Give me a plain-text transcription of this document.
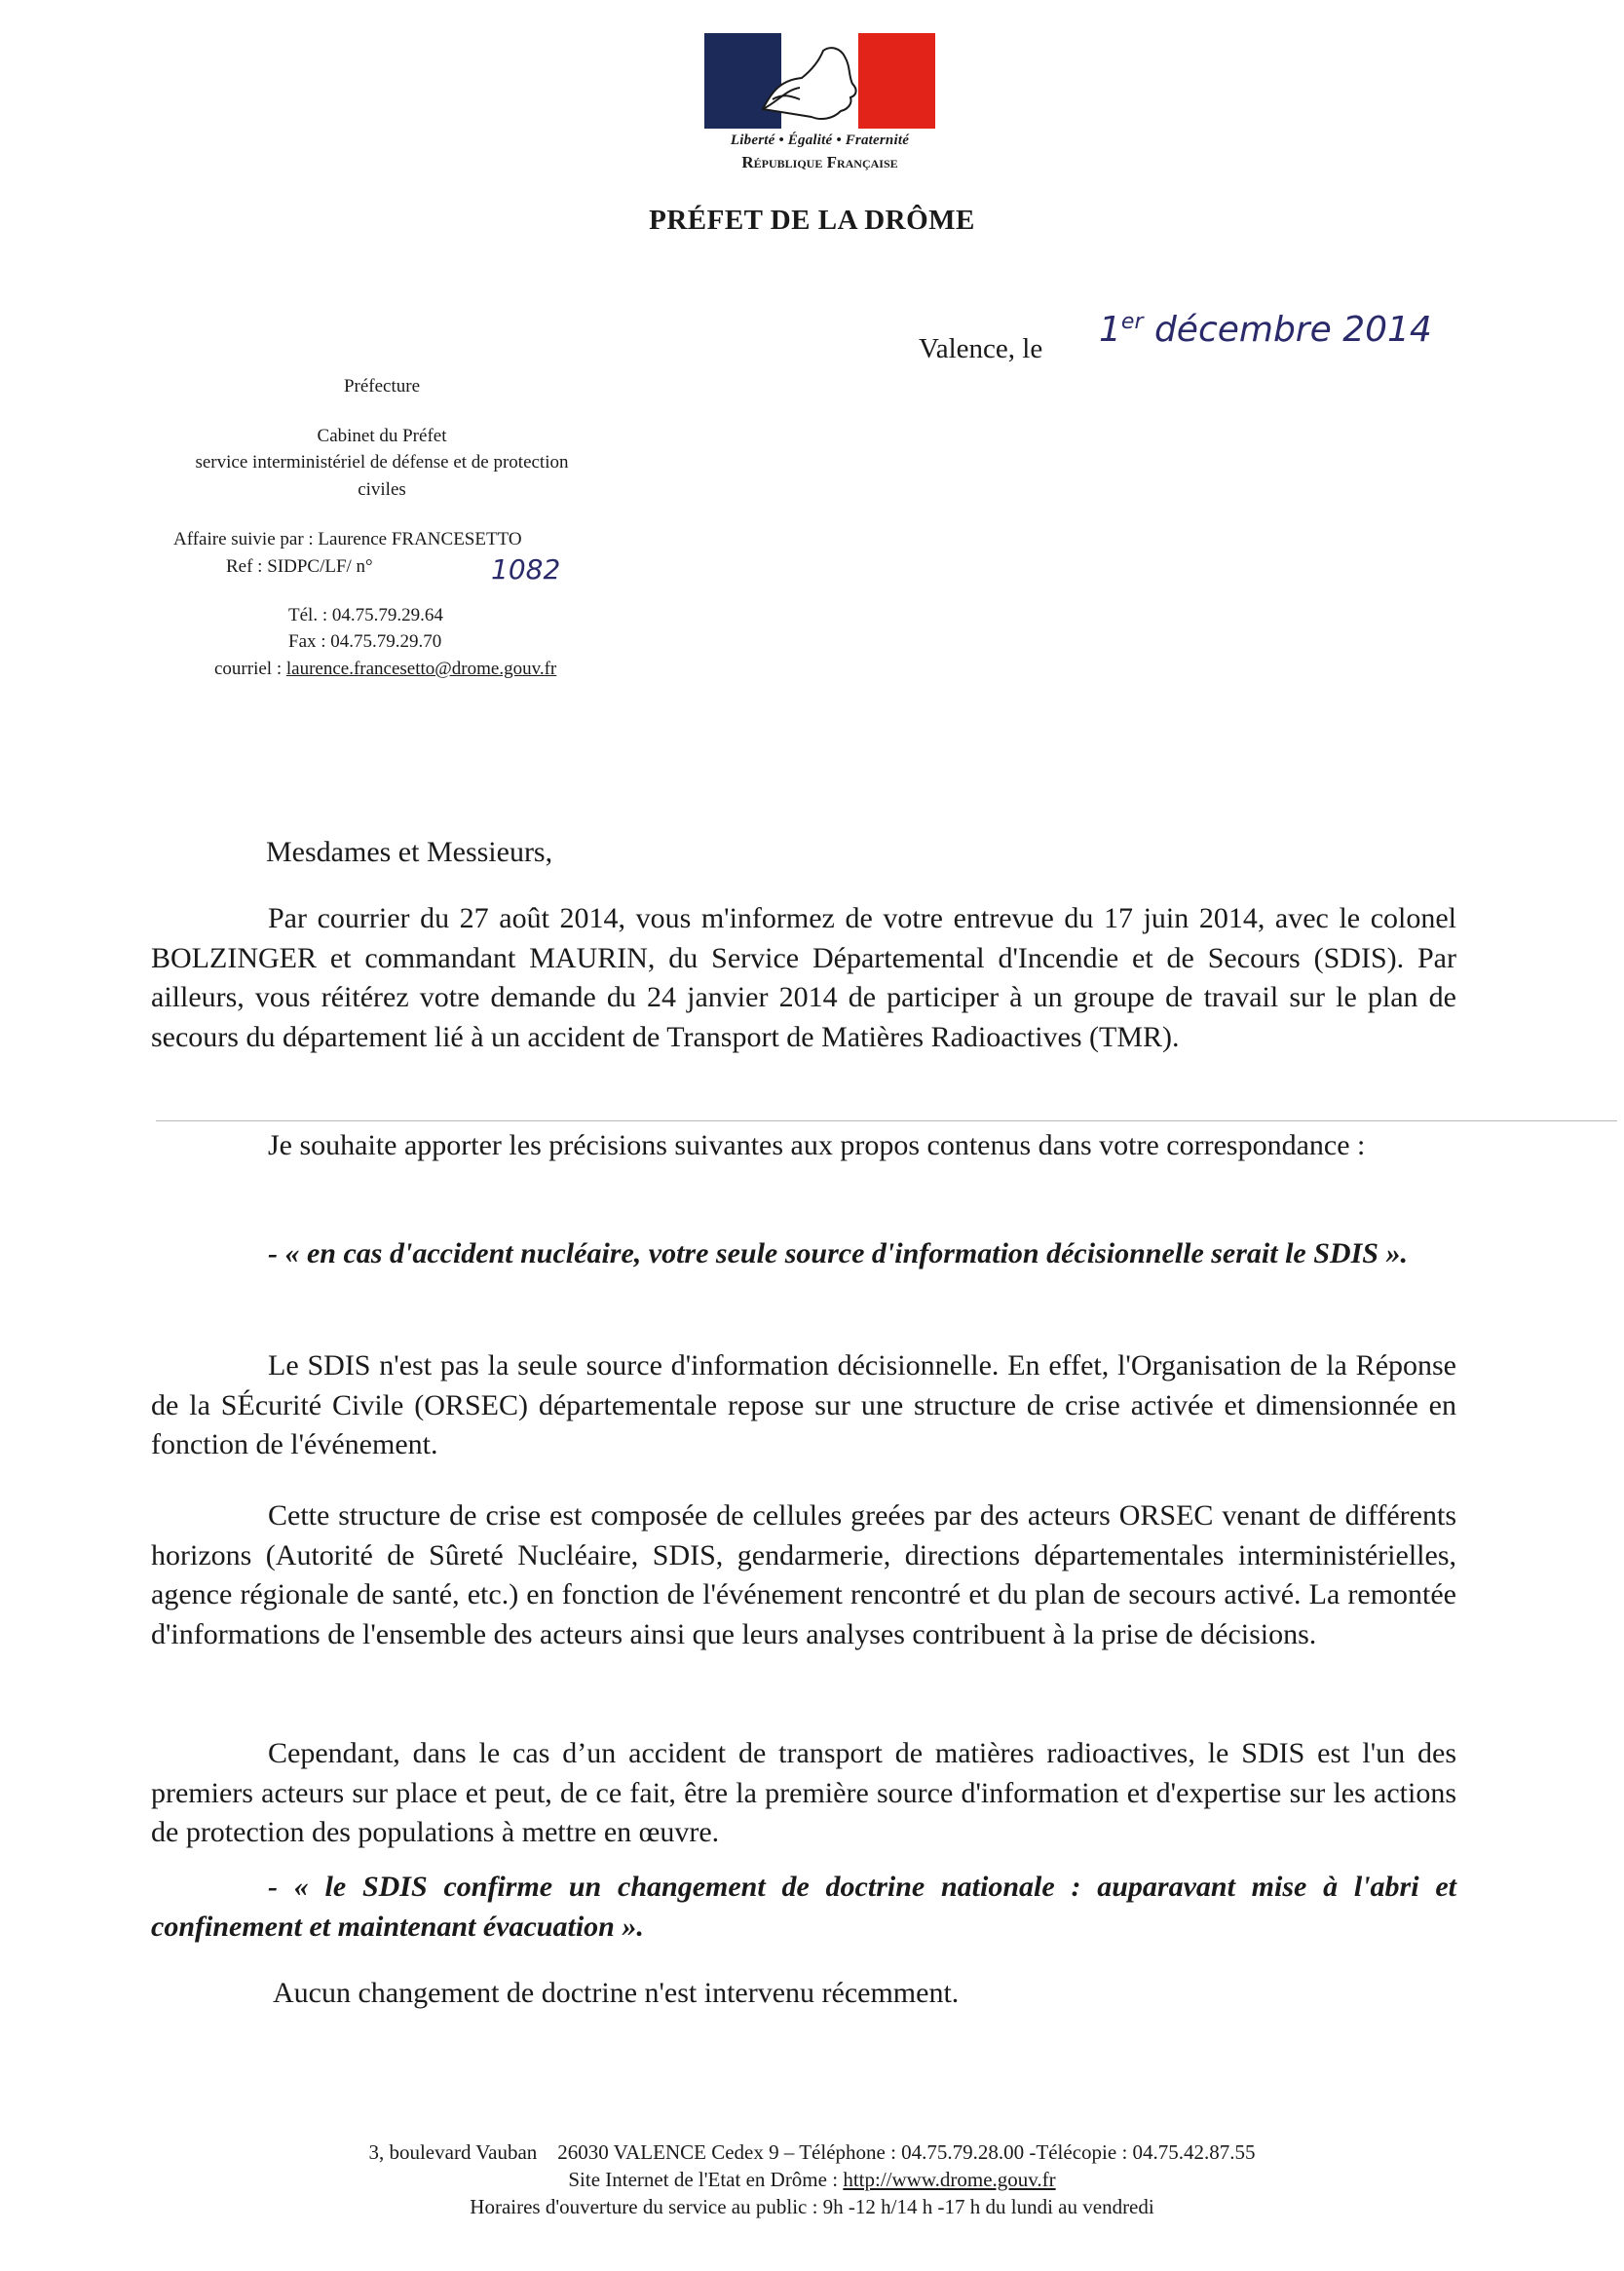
Liberté • Égalité • Fraternité
République Française
PRÉFET DE LA DRÔME
Valence, le 1er décembre 2014
Préfecture
Cabinet du Préfet
service interministériel de défense et de protection
civiles
Affaire suivie par : Laurence FRANCESETTO
Ref : SIDPC/LF/ n°	1082
Tél. : 04.75.79.29.64
Fax : 04.75.79.29.70
courriel : laurence.francesetto@drome.gouv.fr
Mesdames et Messieurs,
Par courrier du 27 août 2014, vous m'informez de votre entrevue du 17 juin 2014, avec le colonel BOLZINGER et commandant MAURIN, du Service Départemental d'Incendie et de Secours (SDIS). Par ailleurs, vous réitérez votre demande du 24 janvier 2014 de participer à un groupe de travail sur le plan de secours du département lié à un accident de Transport de Matières Radioactives (TMR).
Je souhaite apporter les précisions suivantes aux propos contenus dans votre correspondance :
- « en cas d'accident nucléaire, votre seule source d'information décisionnelle serait le SDIS ».
Le SDIS n'est pas la seule source d'information décisionnelle. En effet, l'Organisation de la Réponse de la SÉcurité Civile (ORSEC) départementale repose sur une structure de crise activée et dimensionnée en fonction de l'événement.
Cette structure de crise est composée de cellules greées par des acteurs ORSEC venant de différents horizons (Autorité de Sûreté Nucléaire, SDIS, gendarmerie, directions départementales interministérielles, agence régionale de santé, etc.) en fonction de l'événement rencontré et du plan de secours activé. La remontée d'informations de l'ensemble des acteurs ainsi que leurs analyses contribuent à la prise de décisions.
Cependant, dans le cas d’un accident de transport de matières radioactives, le SDIS est l'un des premiers acteurs sur place et peut, de ce fait, être la première source d'information et d'expertise sur les actions de protection des populations à mettre en œuvre.
- « le SDIS confirme un changement de doctrine nationale : auparavant mise à l'abri et confinement et maintenant évacuation ».
Aucun changement de doctrine n'est intervenu récemment.
3, boulevard Vauban    26030 VALENCE Cedex 9 – Téléphone : 04.75.79.28.00 -Télécopie : 04.75.42.87.55
Site Internet de l'Etat en Drôme : http://www.drome.gouv.fr
Horaires d'ouverture du service au public : 9h -12 h/14 h -17 h du lundi au vendredi
